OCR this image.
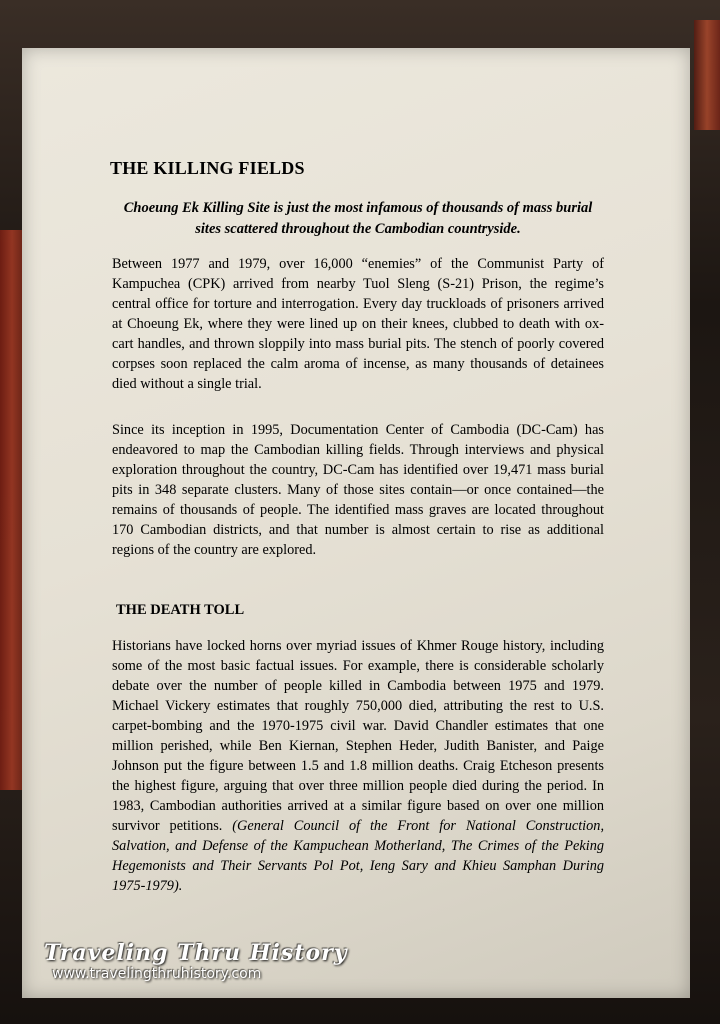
THE KILLING FIELDS

Choeung Ek Killing Site is just the most infamous of thousands of mass burial sites scattered throughout the Cambodian countryside.

Between 1977 and 1979, over 16,000 “enemies” of the Communist Party of Kampuchea (CPK) arrived from nearby Tuol Sleng (S-21) Prison, the regime’s central office for torture and interrogation. Every day truckloads of prisoners arrived at Choeung Ek, where they were lined up on their knees, clubbed to death with ox-cart handles, and thrown sloppily into mass burial pits. The stench of poorly covered corpses soon replaced the calm aroma of incense, as many thousands of detainees died without a single trial.

Since its inception in 1995, Documentation Center of Cambodia (DC-Cam) has endeavored to map the Cambodian killing fields. Through interviews and physical exploration throughout the country, DC-Cam has identified over 19,471 mass burial pits in 348 separate clusters. Many of those sites contain—or once contained—the remains of thousands of people. The identified mass graves are located throughout 170 Cambodian districts, and that number is almost certain to rise as additional regions of the country are explored.

THE DEATH TOLL

Historians have locked horns over myriad issues of Khmer Rouge history, including some of the most basic factual issues. For example, there is considerable scholarly debate over the number of people killed in Cambodia between 1975 and 1979. Michael Vickery estimates that roughly 750,000 died, attributing the rest to U.S. carpet-bombing and the 1970-1975 civil war. David Chandler estimates that one million perished, while Ben Kiernan, Stephen Heder, Judith Banister, and Paige Johnson put the figure between 1.5 and 1.8 million deaths. Craig Etcheson presents the highest figure, arguing that over three million people died during the period. In 1983, Cambodian authorities arrived at a similar figure based on over one million survivor petitions. (General Council of the Front for National Construction, Salvation, and Defense of the Kampuchean Motherland, The Crimes of the Peking Hegemonists and Their Servants Pol Pot, Ieng Sary and Khieu Samphan During 1975-1979).

Traveling Thru History
www.travelingthruhistory.com
